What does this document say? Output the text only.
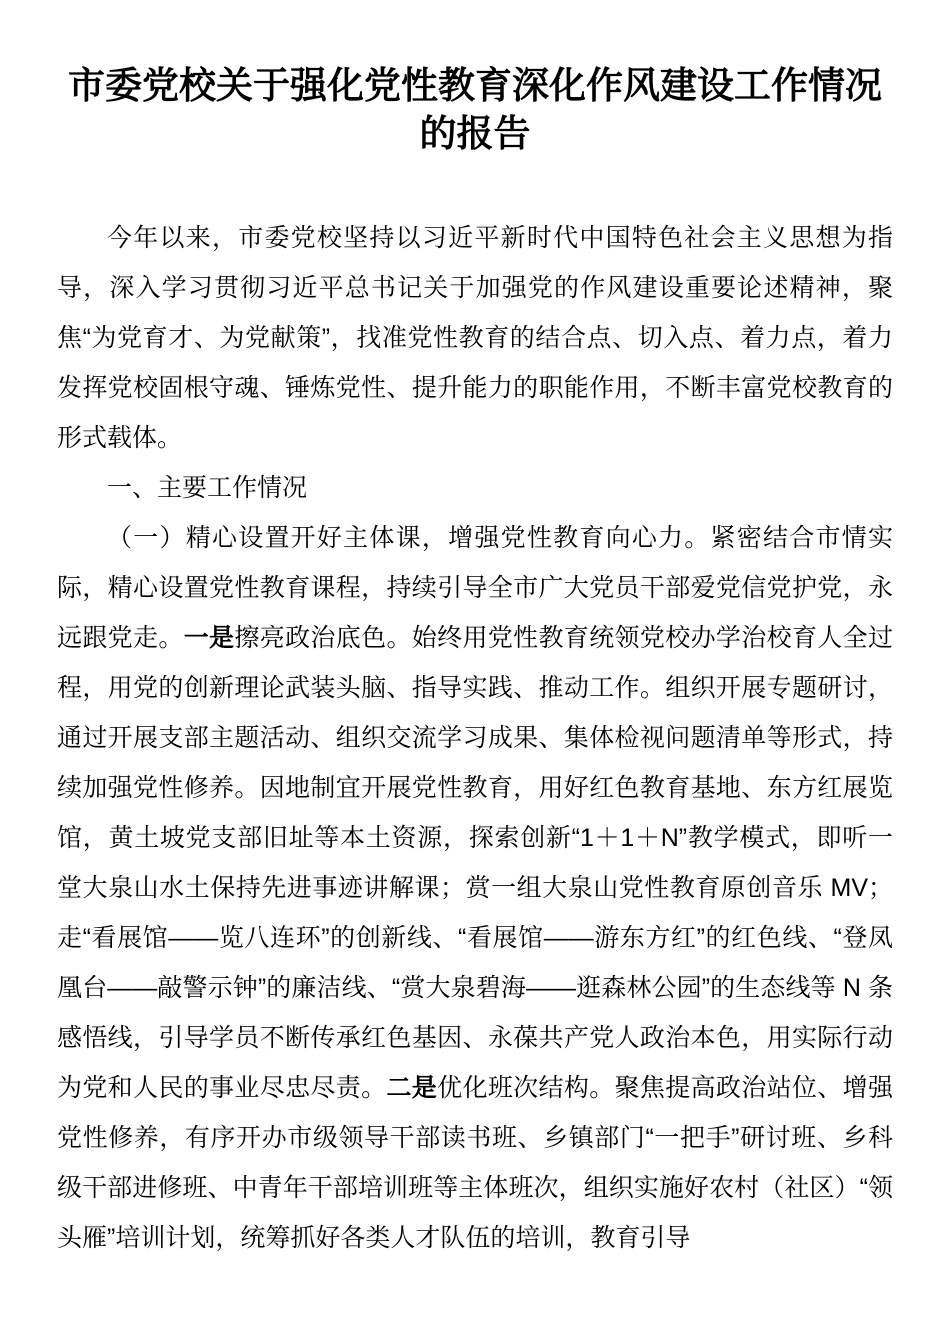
市委党校关于强化党性教育深化作风建设工作情况的报告

今年以来，市委党校坚持以习近平新时代中国特色社会主义思想为指导，深入学习贯彻习近平总书记关于加强党的作风建设重要论述精神，聚焦“为党育才、为党献策”，找准党性教育的结合点、切入点、着力点，着力发挥党校固根守魂、锤炼党性、提升能力的职能作用，不断丰富党校教育的形式载体。

一、主要工作情况

（一）精心设置开好主体课，增强党性教育向心力。紧密结合市情实际，精心设置党性教育课程，持续引导全市广大党员干部爱党信党护党，永远跟党走。一是擦亮政治底色。始终用党性教育统领党校办学治校育人全过程，用党的创新理论武装头脑、指导实践、推动工作。组织开展专题研讨，通过开展支部主题活动、组织交流学习成果、集体检视问题清单等形式，持续加强党性修养。因地制宜开展党性教育，用好红色教育基地、东方红展览馆，黄土坡党支部旧址等本土资源，探索创新“1＋1＋N”教学模式，即听一堂大泉山水土保持先进事迹讲解课；赏一组大泉山党性教育原创音乐 MV；走“看展馆——览八连环”的创新线、“看展馆——游东方红”的红色线、“登凤凰台——敲警示钟”的廉洁线、“赏大泉碧海——逛森林公园”的生态线等 N 条感悟线，引导学员不断传承红色基因、永葆共产党人政治本色，用实际行动为党和人民的事业尽忠尽责。二是优化班次结构。聚焦提高政治站位、增强党性修养，有序开办市级领导干部读书班、乡镇部门“一把手”研讨班、乡科级干部进修班、中青年干部培训班等主体班次，组织实施好农村（社区）“领头雁”培训计划，统筹抓好各类人才队伍的培训，教育引导
